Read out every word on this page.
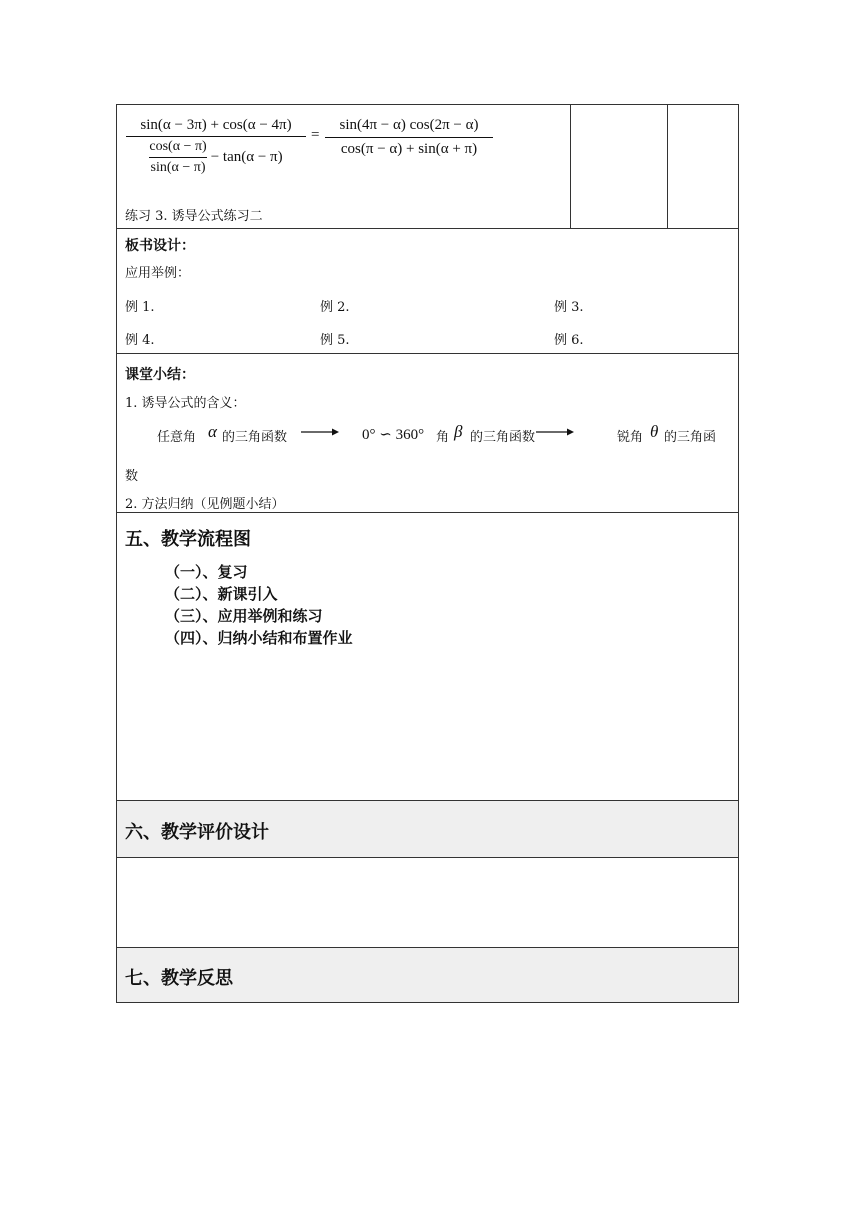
sin(α − 3π) + cos(α − 4π)
$\frac{\cos(\alpha - \pi)}{\sin(\alpha - \pi)} - \tan(\alpha - \pi)$
=
sin(4π − α) cos(2π − α)
cos(π − α) + sin(α + π)
练习 3. 诱导公式练习二
板书设计：
应用举例：
例 1.	例 2.	例 3.
例 4.	例 5.	例 6.
课堂小结：
1. 诱导公式的含义：
任意角 α 的三角函数	0° ∽ 360° 角 β 的三角函数	锐角 θ 的三角函
数
2. 方法归纳（见例题小结）
五、教学流程图
（一）、复习
（二）、新课引入
（三）、应用举例和练习
（四）、归纳小结和布置作业
六、教学评价设计
七、教学反思
